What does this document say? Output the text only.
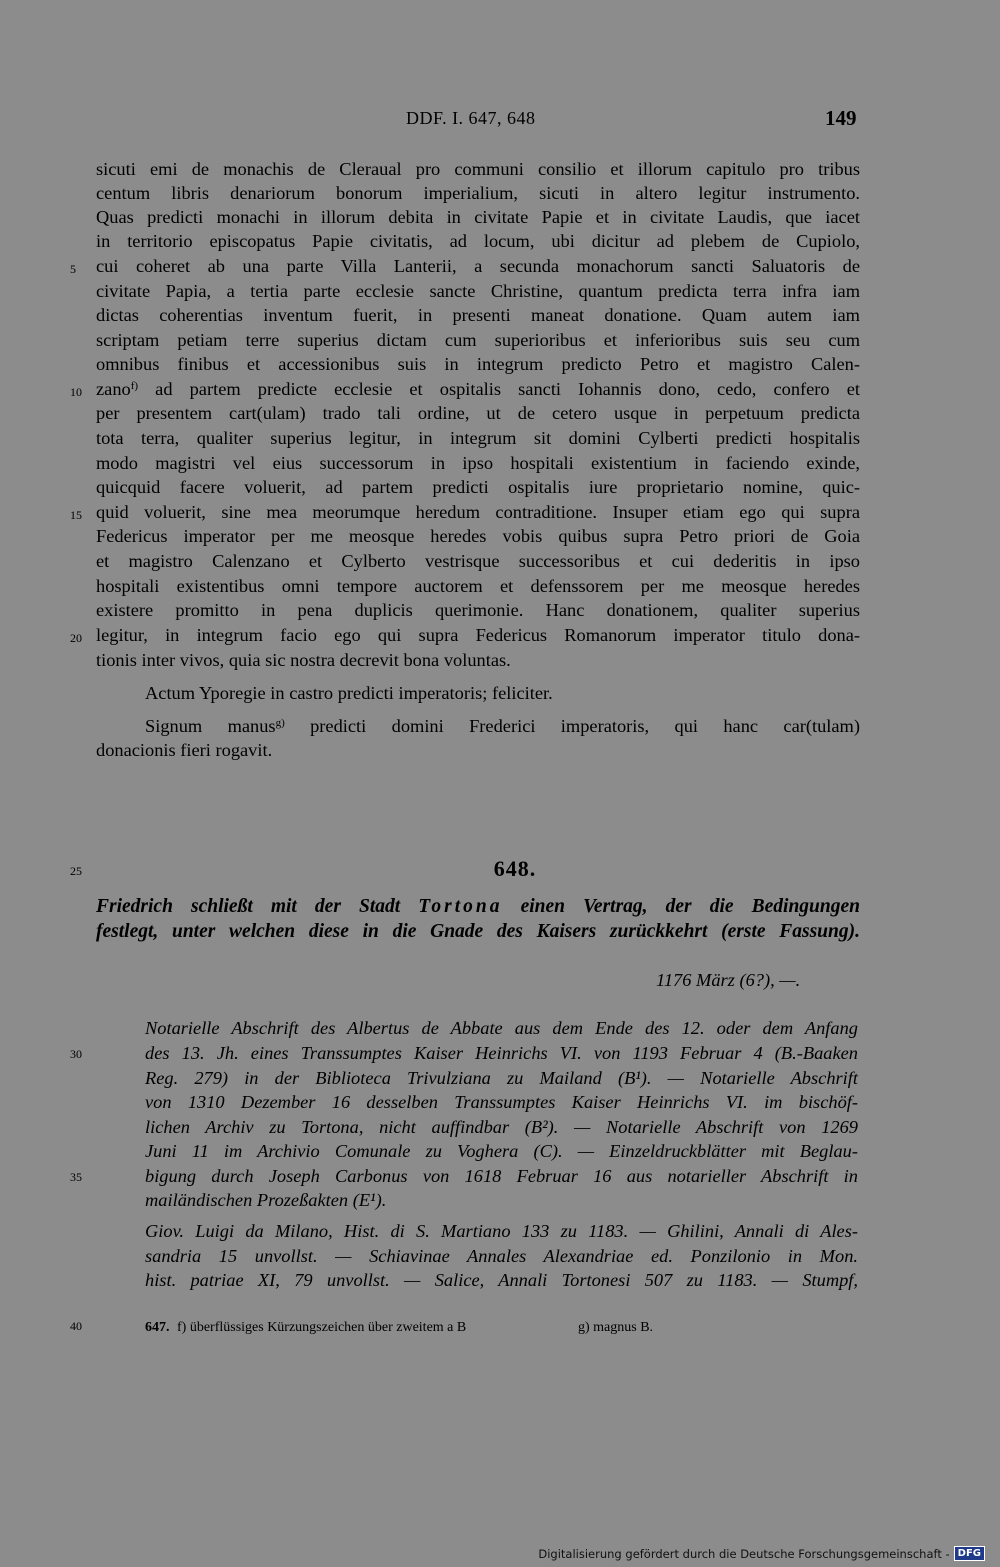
DDF. I. 647, 648	149
sicuti emi de monachis de Cleraual pro communi consilio et illorum capitulo pro tribus
centum libris denariorum bonorum imperialium, sicuti in altero legitur instrumento.
Quas predicti monachi in illorum debita in civitate Papie et in civitate Laudis, que iacet
in territorio episcopatus Papie civitatis, ad locum, ubi dicitur ad plebem de Cupiolo,
cui coheret ab una parte Villa Lanterii, a secunda monachorum sancti Saluatoris de
civitate Papia, a tertia parte ecclesie sancte Christine, quantum predicta terra infra iam
dictas coherentias inventum fuerit, in presenti maneat donatione. Quam autem iam
scriptam petiam terre superius dictam cum superioribus et inferioribus suis seu cum
omnibus finibus et accessionibus suis in integrum predicto Petro et magistro Calen-
zano$^{f)}$ ad partem predicte ecclesie et ospitalis sancti Iohannis dono, cedo, confero et
per presentem cart(ulam) trado tali ordine, ut de cetero usque in perpetuum predicta
tota terra, qualiter superius legitur, in integrum sit domini Cylberti predicti hospitalis
modo magistri vel eius successorum in ipso hospitali existentium in faciendo exinde,
quicquid facere voluerit, ad partem predicti ospitalis iure proprietario nomine, quic-
quid voluerit, sine mea meorumque heredum contraditione. Insuper etiam ego qui supra
Federicus imperator per me meosque heredes vobis quibus supra Petro priori de Goia
et magistro Calenzano et Cylberto vestrisque successoribus et cui dederitis in ipso
hospitali existentibus omni tempore auctorem et defenssorem per me meosque heredes
existere promitto in pena duplicis querimonie. Hanc donationem, qualiter superius
legitur, in integrum facio ego qui supra Federicus Romanorum imperator titulo dona-
tionis inter vivos, quia sic nostra decrevit bona voluntas.
Actum Yporegie in castro predicti imperatoris; feliciter.
Signum manus$^{g)}$ predicti domini Frederici imperatoris, qui hanc car(tulam)
donacionis fieri rogavit.
5
10
15
20
25
30
35
40
648.
Friedrich schließt mit der Stadt Tortona einen Vertrag, der die Bedingungen
festlegt, unter welchen diese in die Gnade des Kaisers zurückkehrt (erste Fassung).
1176 März (6?), —.
Notarielle Abschrift des Albertus de Abbate aus dem Ende des 12. oder dem Anfang
des 13. Jh. eines Transsumptes Kaiser Heinrichs VI. von 1193 Februar 4 (B.-Baaken
Reg. 279) in der Biblioteca Trivulziana zu Mailand (B¹). — Notarielle Abschrift
von 1310 Dezember 16 desselben Transsumptes Kaiser Heinrichs VI. im bischöf-
lichen Archiv zu Tortona, nicht auffindbar (B²). — Notarielle Abschrift von 1269
Juni 11 im Archivio Comunale zu Voghera (C). — Einzeldruckblätter mit Beglau-
bigung durch Joseph Carbonus von 1618 Februar 16 aus notarieller Abschrift in
mailändischen Prozeßakten (E¹).
Giov. Luigi da Milano, Hist. di S. Martiano 133 zu 1183. — Ghilini, Annali di Ales-
sandria 15 unvollst. — Schiavinae Annales Alexandriae ed. Ponzilonio in Mon.
hist. patriae XI, 79 unvollst. — Salice, Annali Tortonesi 507 zu 1183. — Stumpf,
647. f) überflüssiges Kürzungszeichen über zweitem a B	g) magnus B.
Digitalisierung gefördert durch die Deutsche Forschungsgemeinschaft - DFG
